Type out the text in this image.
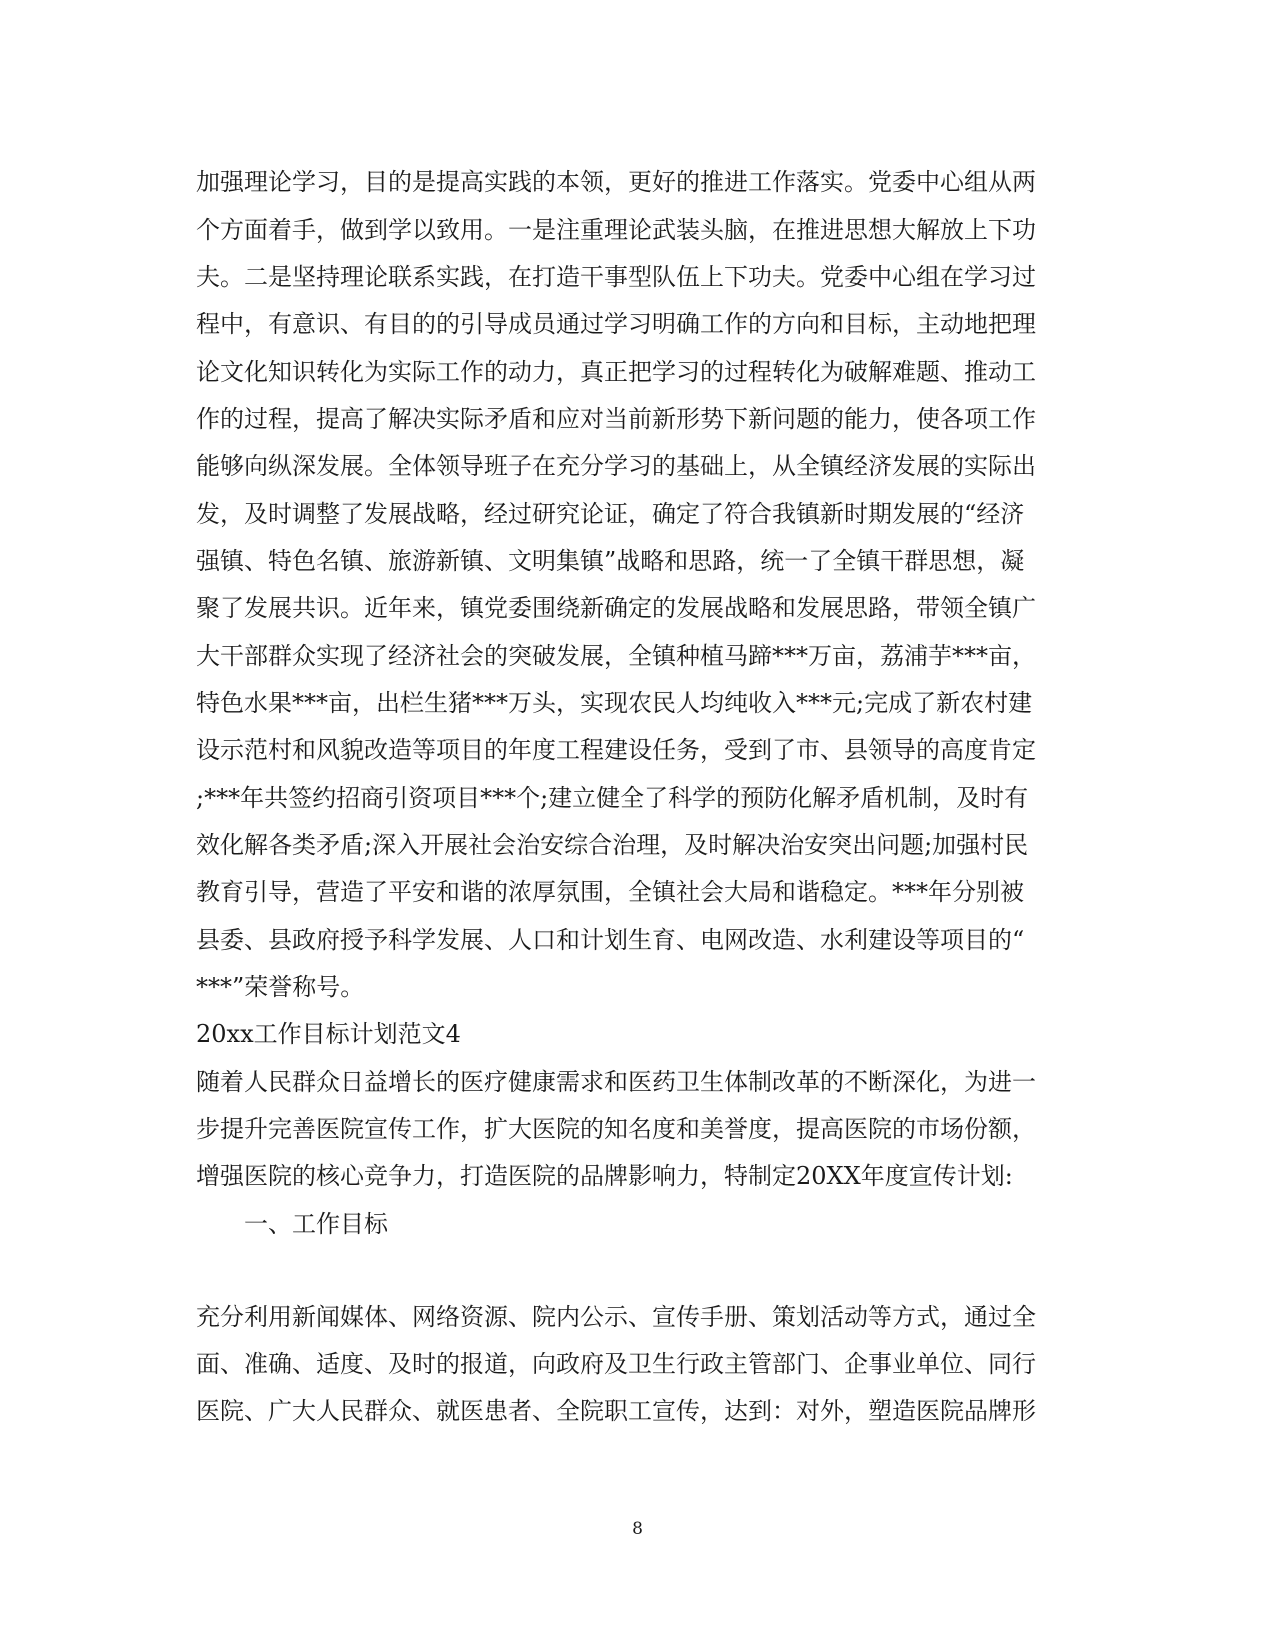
加强理论学习，目的是提高实践的本领，更好的推进工作落实。党委中心组从两
个方面着手，做到学以致用。一是注重理论武装头脑，在推进思想大解放上下功
夫。二是坚持理论联系实践，在打造干事型队伍上下功夫。党委中心组在学习过
程中，有意识、有目的的引导成员通过学习明确工作的方向和目标，主动地把理
论文化知识转化为实际工作的动力，真正把学习的过程转化为破解难题、推动工
作的过程，提高了解决实际矛盾和应对当前新形势下新问题的能力，使各项工作
能够向纵深发展。全体领导班子在充分学习的基础上，从全镇经济发展的实际出
发，及时调整了发展战略，经过研究论证，确定了符合我镇新时期发展的“经济
强镇、特色名镇、旅游新镇、文明集镇”战略和思路，统一了全镇干群思想，凝
聚了发展共识。近年来，镇党委围绕新确定的发展战略和发展思路，带领全镇广
大干部群众实现了经济社会的突破发展，全镇种植马蹄***万亩，荔浦芋***亩，
特色水果***亩，出栏生猪***万头，实现农民人均纯收入***元;完成了新农村建
设示范村和风貌改造等项目的年度工程建设任务，受到了市、县领导的高度肯定
;***年共签约招商引资项目***个;建立健全了科学的预防化解矛盾机制，及时有
效化解各类矛盾;深入开展社会治安综合治理，及时解决治安突出问题;加强村民
教育引导，营造了平安和谐的浓厚氛围，全镇社会大局和谐稳定。***年分别被
县委、县政府授予科学发展、人口和计划生育、电网改造、水利建设等项目的“
***”荣誉称号。
20xx工作目标计划范文4
随着人民群众日益增长的医疗健康需求和医药卫生体制改革的不断深化，为进一
步提升完善医院宣传工作，扩大医院的知名度和美誉度，提高医院的市场份额，
增强医院的核心竞争力，打造医院的品牌影响力，特制定20XX年度宣传计划:
一、工作目标
充分利用新闻媒体、网络资源、院内公示、宣传手册、策划活动等方式，通过全
面、准确、适度、及时的报道，向政府及卫生行政主管部门、企事业单位、同行
医院、广大人民群众、就医患者、全院职工宣传，达到：对外，塑造医院品牌形
8
